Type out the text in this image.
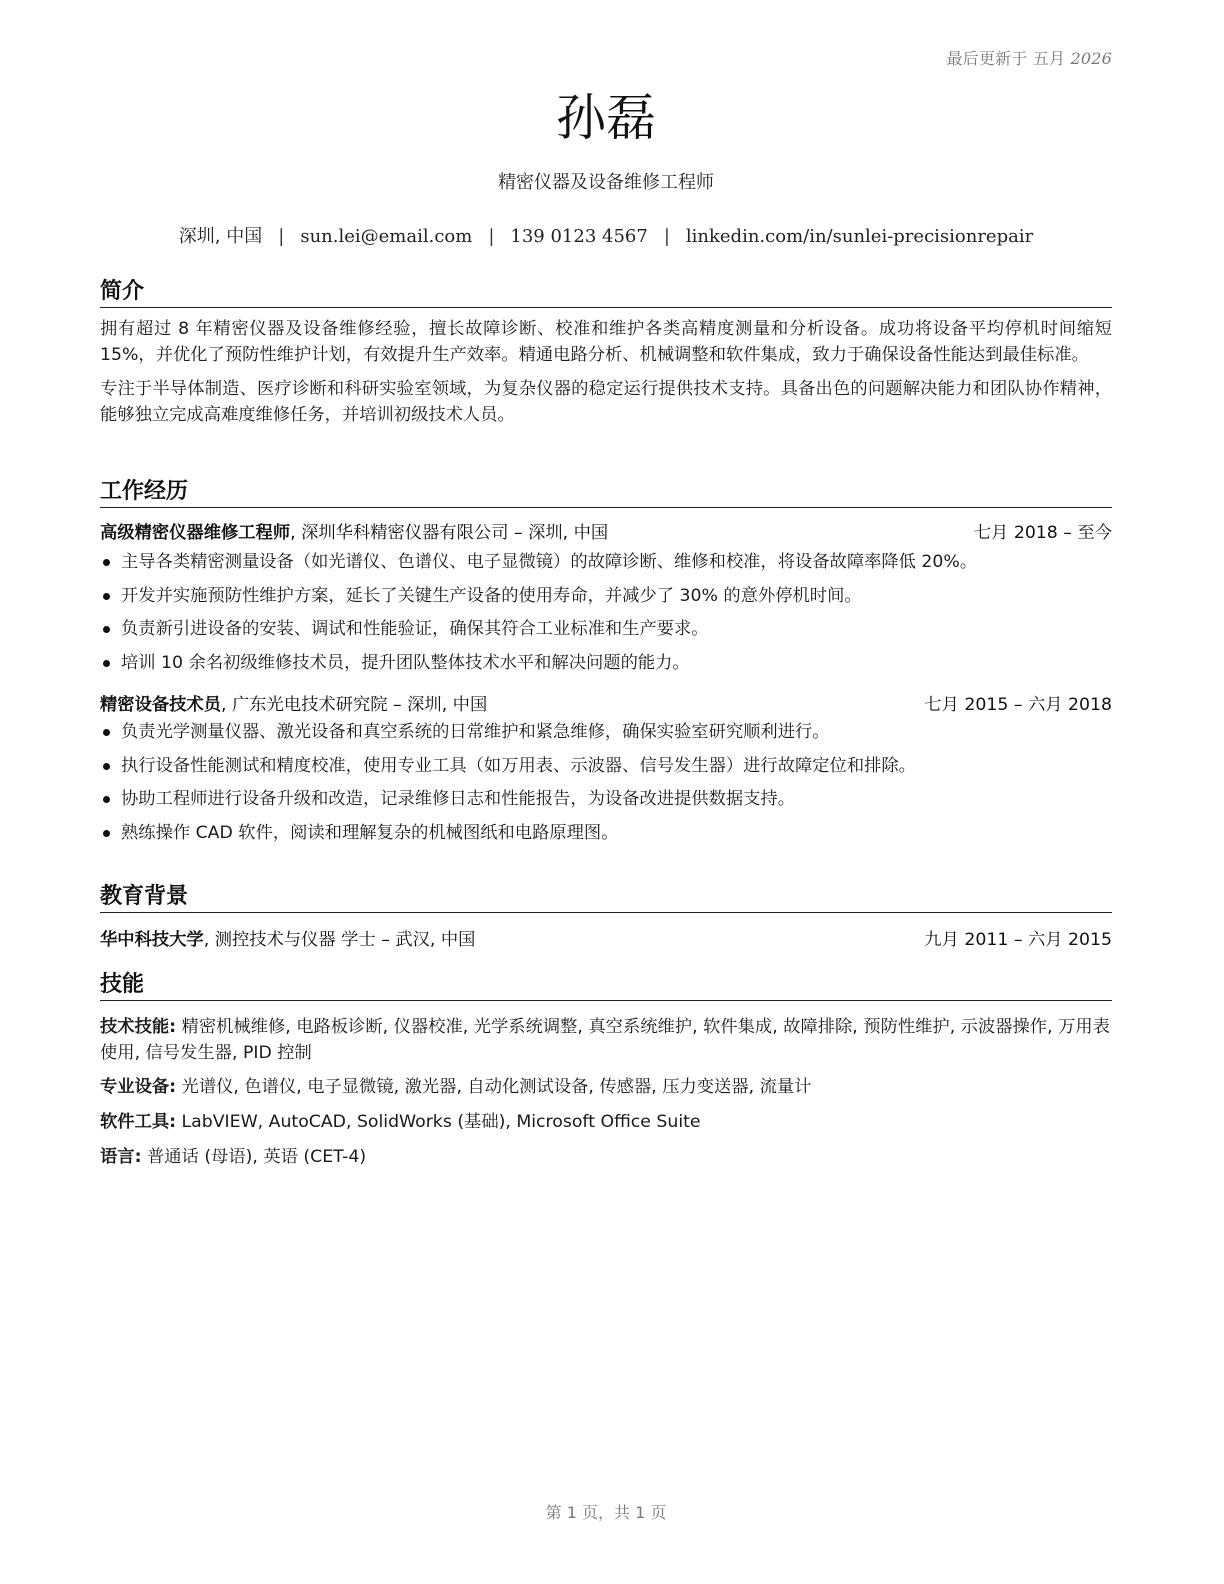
最后更新于 五月 2026
孙磊
精密仪器及设备维修工程师
深圳, 中国 | sun.lei@email.com | 139 0123 4567 | linkedin.com/in/sunlei-precisionrepair
简介

拥有超过 8 年精密仪器及设备维修经验，擅长故障诊断、校准和维护各类高精度测量和分析设备。成功将设备平均停机时间缩短 15%，并优化了预防性维护计划，有效提升生产效率。精通电路分析、机械调整和软件集成，致力于确保设备性能达到最佳标准。

专注于半导体制造、医疗诊断和科研实验室领域，为复杂仪器的稳定运行提供技术支持。具备出色的问题解决能力和团队协作精神，能够独立完成高难度维修任务，并培训初级技术人员。

工作经历
高级精密仪器维修工程师, 深圳华科精密仪器有限公司 – 深圳, 中国	七月 2018 – 至今
主导各类精密测量设备（如光谱仪、色谱仪、电子显微镜）的故障诊断、维修和校准，将设备故障率降低 20%。
开发并实施预防性维护方案，延长了关键生产设备的使用寿命，并减少了 30% 的意外停机时间。
负责新引进设备的安装、调试和性能验证，确保其符合工业标准和生产要求。
培训 10 余名初级维修技术员，提升团队整体技术水平和解决问题的能力。
精密设备技术员, 广东光电技术研究院 – 深圳, 中国	七月 2015 – 六月 2018
负责光学测量仪器、激光设备和真空系统的日常维护和紧急维修，确保实验室研究顺利进行。
执行设备性能测试和精度校准，使用专业工具（如万用表、示波器、信号发生器）进行故障定位和排除。
协助工程师进行设备升级和改造，记录维修日志和性能报告，为设备改进提供数据支持。
熟练操作 CAD 软件，阅读和理解复杂的机械图纸和电路原理图。
教育背景
华中科技大学, 测控技术与仪器 学士 – 武汉, 中国	九月 2011 – 六月 2015
技能

技术技能: 精密机械维修, 电路板诊断, 仪器校准, 光学系统调整, 真空系统维护, 软件集成, 故障排除, 预防性维护, 示波器操作, 万用表使用, 信号发生器, PID 控制

专业设备: 光谱仪, 色谱仪, 电子显微镜, 激光器, 自动化测试设备, 传感器, 压力变送器, 流量计

软件工具: LabVIEW, AutoCAD, SolidWorks (基础), Microsoft Office Suite

语言: 普通话 (母语), 英语 (CET-4)

第 1 页，共 1 页
